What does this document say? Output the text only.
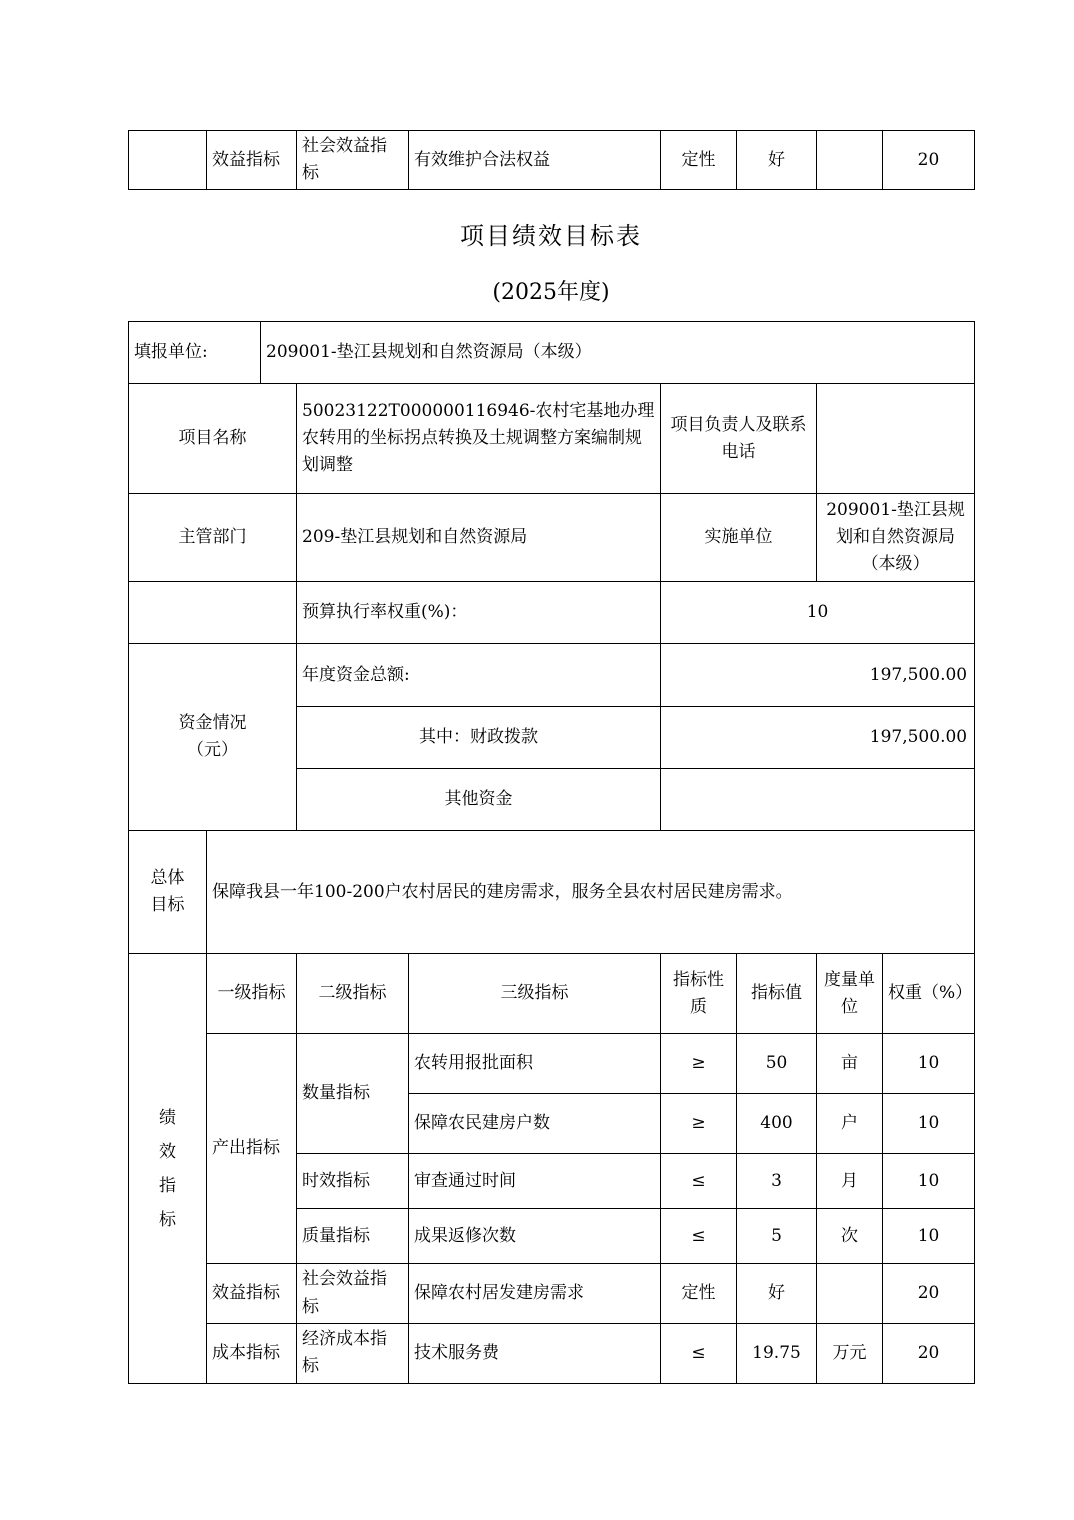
	效益指标	社会效益指标	有效维护合法权益	定性	好		20
项目绩效目标表
(2025年度)
填报单位:		209001-垫江县规划和自然资源局（本级）						
项目名称			50023122T000000116946-农村宅基地办理农转用的坐标拐点转换及土规调整方案编制规划调整		项目负责人及联系电话			
主管部门			209-垫江县规划和自然资源局		实施单位		209001-垫江县规划和自然资源局（本级）	
			预算执行率权重(%)：		10			

资金情况
（元）			年度资金总额:		197,500.00			
			其中：财政拨款		197,500.00			
			其他资金					

总体
目标	保障我县一年100-200户农村居民的建房需求，服务全县农村居民建房需求。							

绩效指标	一级指标		二级指标	三级指标	指标性质	指标值	度量单位	权重（%）
	产出指标		数量指标	农转用报批面积	≥	50	亩	10
				保障农民建房户数	≥	400	户	10
			时效指标	审查通过时间	≤	3	月	10
			质量指标	成果返修次数	≤	5	次	10
	效益指标		社会效益指标	保障农村居发建房需求	定性	好		20
	成本指标		经济成本指标	技术服务费	≤	19.75	万元	20
